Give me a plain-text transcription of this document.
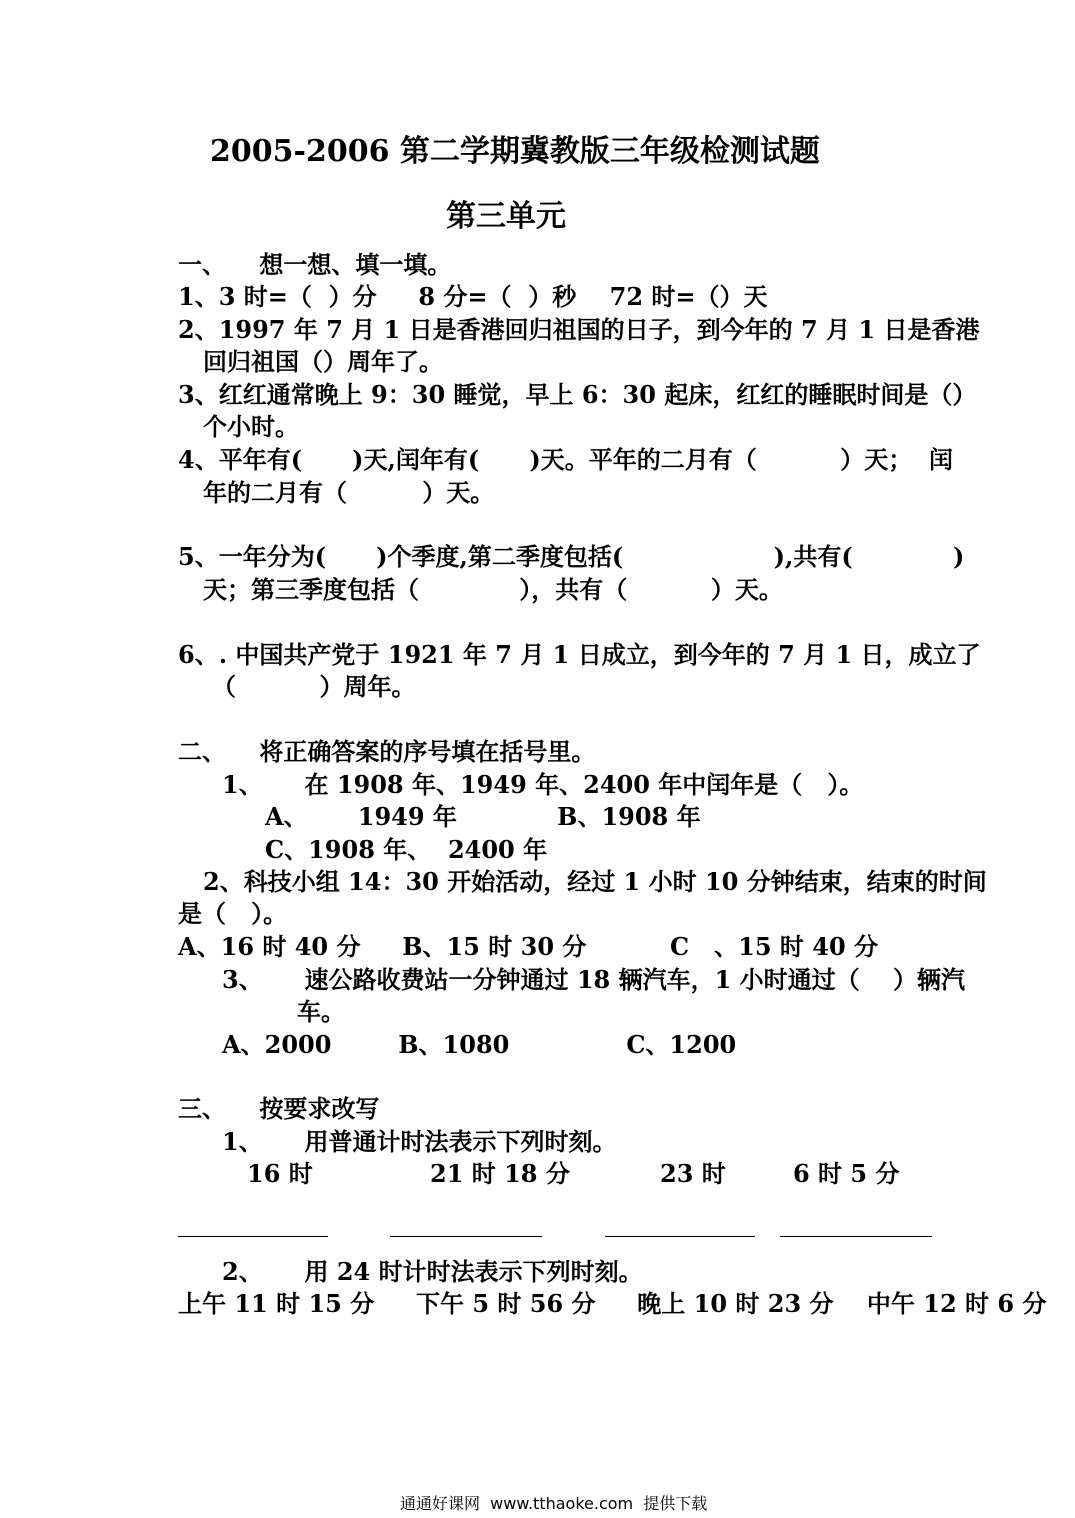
2005-2006 第二学期冀教版三年级检测试题
第三单元
一、    想一想、填一填。
1、3 时=（  ）分     8 分=（  ）秒    72 时=（）天
2、1997 年 7 月 1 日是香港回归祖国的日子，到今年的 7 月 1 日是香港
回归祖国（）周年了。
3、红红通常晚上 9：30 睡觉，早上 6：30 起床，红红的睡眠时间是（）
个小时。
4、平年有(      )天,闰年有(      )天。平年的二月有（          ）天；  闰
年的二月有（         ）天。
5、一年分为(      )个季度,第二季度包括(                  ),共有(            )
天；第三季度包括（            ），共有（          ）天。
6、. 中国共产党于 1921 年 7 月 1 日成立，到今年的 7 月 1 日，成立了
（          ）周年。
二、    将正确答案的序号填在括号里。
1、     在 1908 年、1949 年、2400 年中闰年是（   ）。
A、      1949 年            B、1908 年
C、1908 年、  2400 年
2、科技小组 14：30 开始活动，经过 1 小时 10 分钟结束，结束的时间
是（   ）。
A、16 时 40 分     B、15 时 30 分          C   、15 时 40 分
3、     速公路收费站一分钟通过 18 辆汽车，1 小时通过（    ）辆汽
车。
A、2000        B、1080              C、1200
三、    按要求改写
1、     用普通计时法表示下列时刻。
16 时	21 时 18 分	23 时	6 时 5 分
2、     用 24 时计时法表示下列时刻。
上午 11 时 15 分     下午 5 时 56 分     晚上 10 时 23 分    中午 12 时 6 分
通通好课网  www.tthaoke.com  提供下载
